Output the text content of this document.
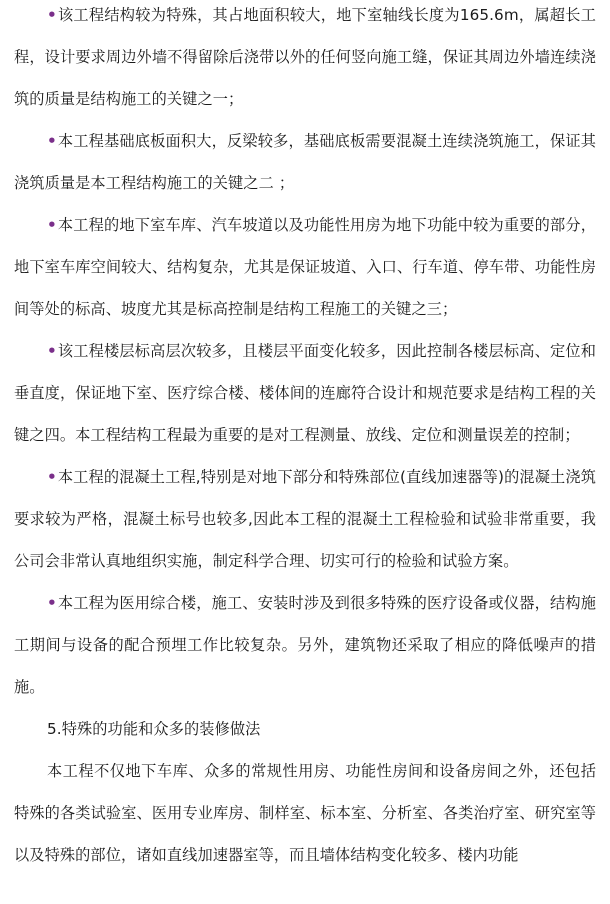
•该工程结构较为特殊，其占地面积较大，地下室轴线长度为165.6m，属超长工程，设计要求周边外墙不得留除后浇带以外的任何竖向施工缝，保证其周边外墙连续浇筑的质量是结构施工的关键之一；

•本工程基础底板面积大，反梁较多，基础底板需要混凝土连续浇筑施工，保证其浇筑质量是本工程结构施工的关键之二 ；

•本工程的地下室车库、汽车坡道以及功能性用房为地下功能中较为重要的部分，地下室车库空间较大、结构复杂，尤其是保证坡道、入口、行车道、停车带、功能性房间等处的标高、坡度尤其是标高控制是结构工程施工的关键之三；

•该工程楼层标高层次较多，且楼层平面变化较多，因此控制各楼层标高、定位和垂直度，保证地下室、医疗综合楼、楼体间的连廊符合设计和规范要求是结构工程的关键之四。本工程结构工程最为重要的是对工程测量、放线、定位和测量误差的控制；

•本工程的混凝土工程,特别是对地下部分和特殊部位(直线加速器等)的混凝土浇筑要求较为严格，混凝土标号也较多,因此本工程的混凝土工程检验和试验非常重要，我公司会非常认真地组织实施，制定科学合理、切实可行的检验和试验方案。

•本工程为医用综合楼，施工、安装时涉及到很多特殊的医疗设备或仪器，结构施工期间与设备的配合预埋工作比较复杂。另外，建筑物还采取了相应的降低噪声的措施。

5.特殊的功能和众多的装修做法

本工程不仅地下车库、众多的常规性用房、功能性房间和设备房间之外，还包括特殊的各类试验室、医用专业库房、制样室、标本室、分析室、各类治疗室、研究室等以及特殊的部位，诸如直线加速器室等，而且墙体结构变化较多、楼内功能
